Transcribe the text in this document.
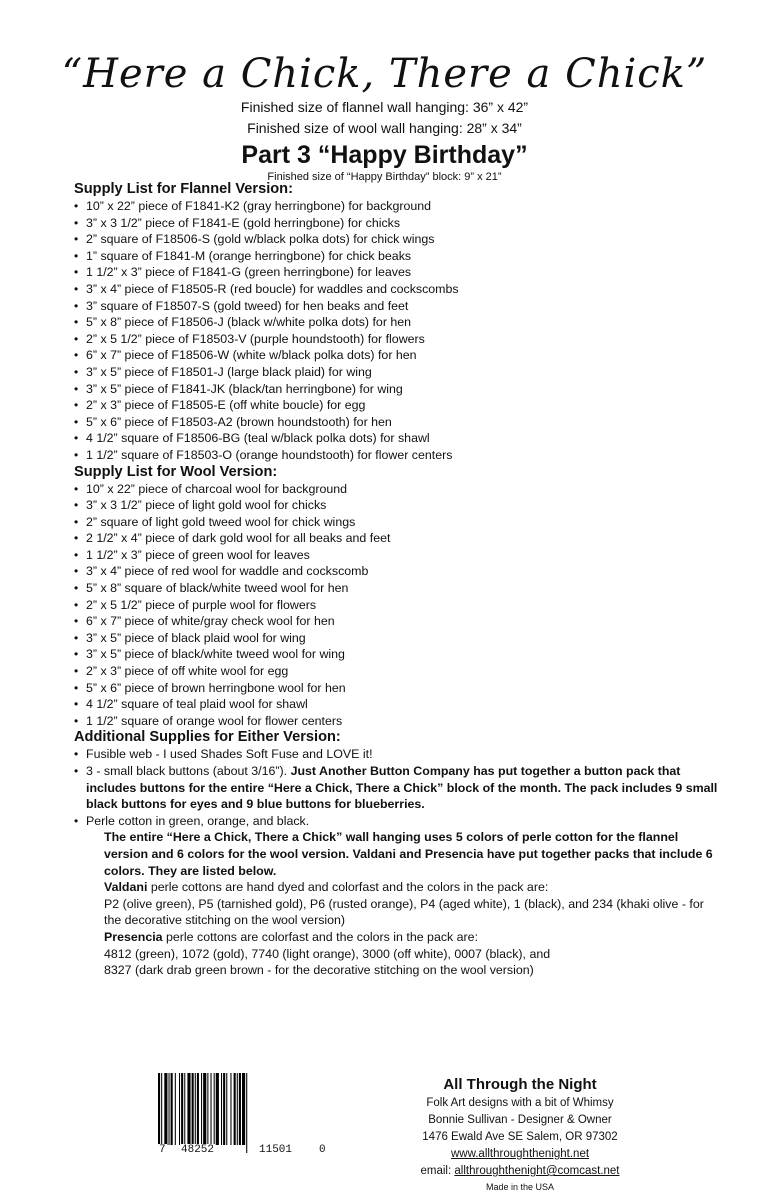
“Here a Chick, There a Chick”
Finished size of flannel wall hanging: 36” x 42”
Finished size of wool wall hanging: 28” x 34”
Part 3 “Happy Birthday”
Finished size of “Happy Birthday” block: 9” x 21”
Supply List for Flannel Version:
• 10” x 22” piece of F1841-K2 (gray herringbone) for background
• 3” x 3 1/2” piece of F1841-E (gold herringbone) for chicks
• 2” square of F18506-S (gold w/black polka dots) for chick wings
• 1” square of F1841-M (orange herringbone) for chick beaks
• 1 1/2” x 3” piece of F1841-G (green herringbone) for leaves
• 3” x 4” piece of F18505-R (red boucle) for waddles and cockscombs
• 3” square of F18507-S (gold tweed) for hen beaks and feet
• 5” x 8” piece of F18506-J (black w/white polka dots) for hen
• 2” x 5 1/2” piece of F18503-V (purple houndstooth) for flowers
• 6” x 7” piece of F18506-W (white w/black polka dots) for hen
• 3” x 5” piece of F18501-J (large black plaid) for wing
• 3” x 5” piece of F1841-JK (black/tan herringbone) for wing
• 2” x 3” piece of F18505-E (off white boucle) for egg
• 5” x 6” piece of F18503-A2 (brown houndstooth) for hen
• 4 1/2” square of F18506-BG (teal w/black polka dots) for shawl
• 1 1/2” square of F18503-O (orange houndstooth) for flower centers
Supply List for Wool Version:
• 10” x 22” piece of charcoal wool for background
• 3” x 3 1/2” piece of light gold wool for chicks
• 2” square of light gold tweed wool for chick wings
• 2 1/2” x 4” piece of dark gold wool for all beaks and feet
• 1 1/2” x 3” piece of green wool for leaves
• 3” x 4” piece of red wool for waddle and cockscomb
• 5” x 8” square of black/white tweed wool for hen
• 2” x 5 1/2” piece of purple wool for flowers
• 6” x 7” piece of white/gray check wool for hen
• 3” x 5” piece of black plaid wool for wing
• 3” x 5” piece of black/white tweed wool for wing
• 2” x 3” piece of off white wool for egg
• 5” x 6” piece of brown herringbone wool for hen
• 4 1/2” square of teal plaid wool for shawl
• 1 1/2” square of orange wool for flower centers
Additional Supplies for Either Version:
• Fusible web - I used Shades Soft Fuse and LOVE it!
• 3 - small black buttons (about 3/16”). Just Another Button Company has put together a button pack that includes buttons for the entire “Here a Chick, There a Chick” block of the month. The pack includes 9 small black buttons for eyes and 9 blue buttons for blueberries.
• Perle cotton in green, orange, and black.

The entire “Here a Chick, There a Chick” wall hanging uses 5 colors of perle cotton for the flannel version and 6 colors for the wool version. Valdani and Presencia have put together packs that include 6 colors. They are listed below.

Valdani perle cottons are hand dyed and colorfast and the colors in the pack are:

P2 (olive green), P5 (tarnished gold), P6 (rusted orange), P4 (aged white), 1 (black), and 234 (khaki olive - for the decorative stitching on the wool version)

Presencia perle cottons are colorfast and the colors in the pack are:

4812 (green), 1072 (gold), 7740 (light orange), 3000 (off white), 0007 (black), and

8327 (dark drab green brown - for the decorative stitching on the wool version)

7 48252	11501 0
All Through the Night
Folk Art designs with a bit of Whimsy
Bonnie Sullivan - Designer & Owner
1476 Ewald Ave SE Salem, OR 97302
www.allthroughthenight.net
email: allthroughthenight@comcast.net
Made in the USA
